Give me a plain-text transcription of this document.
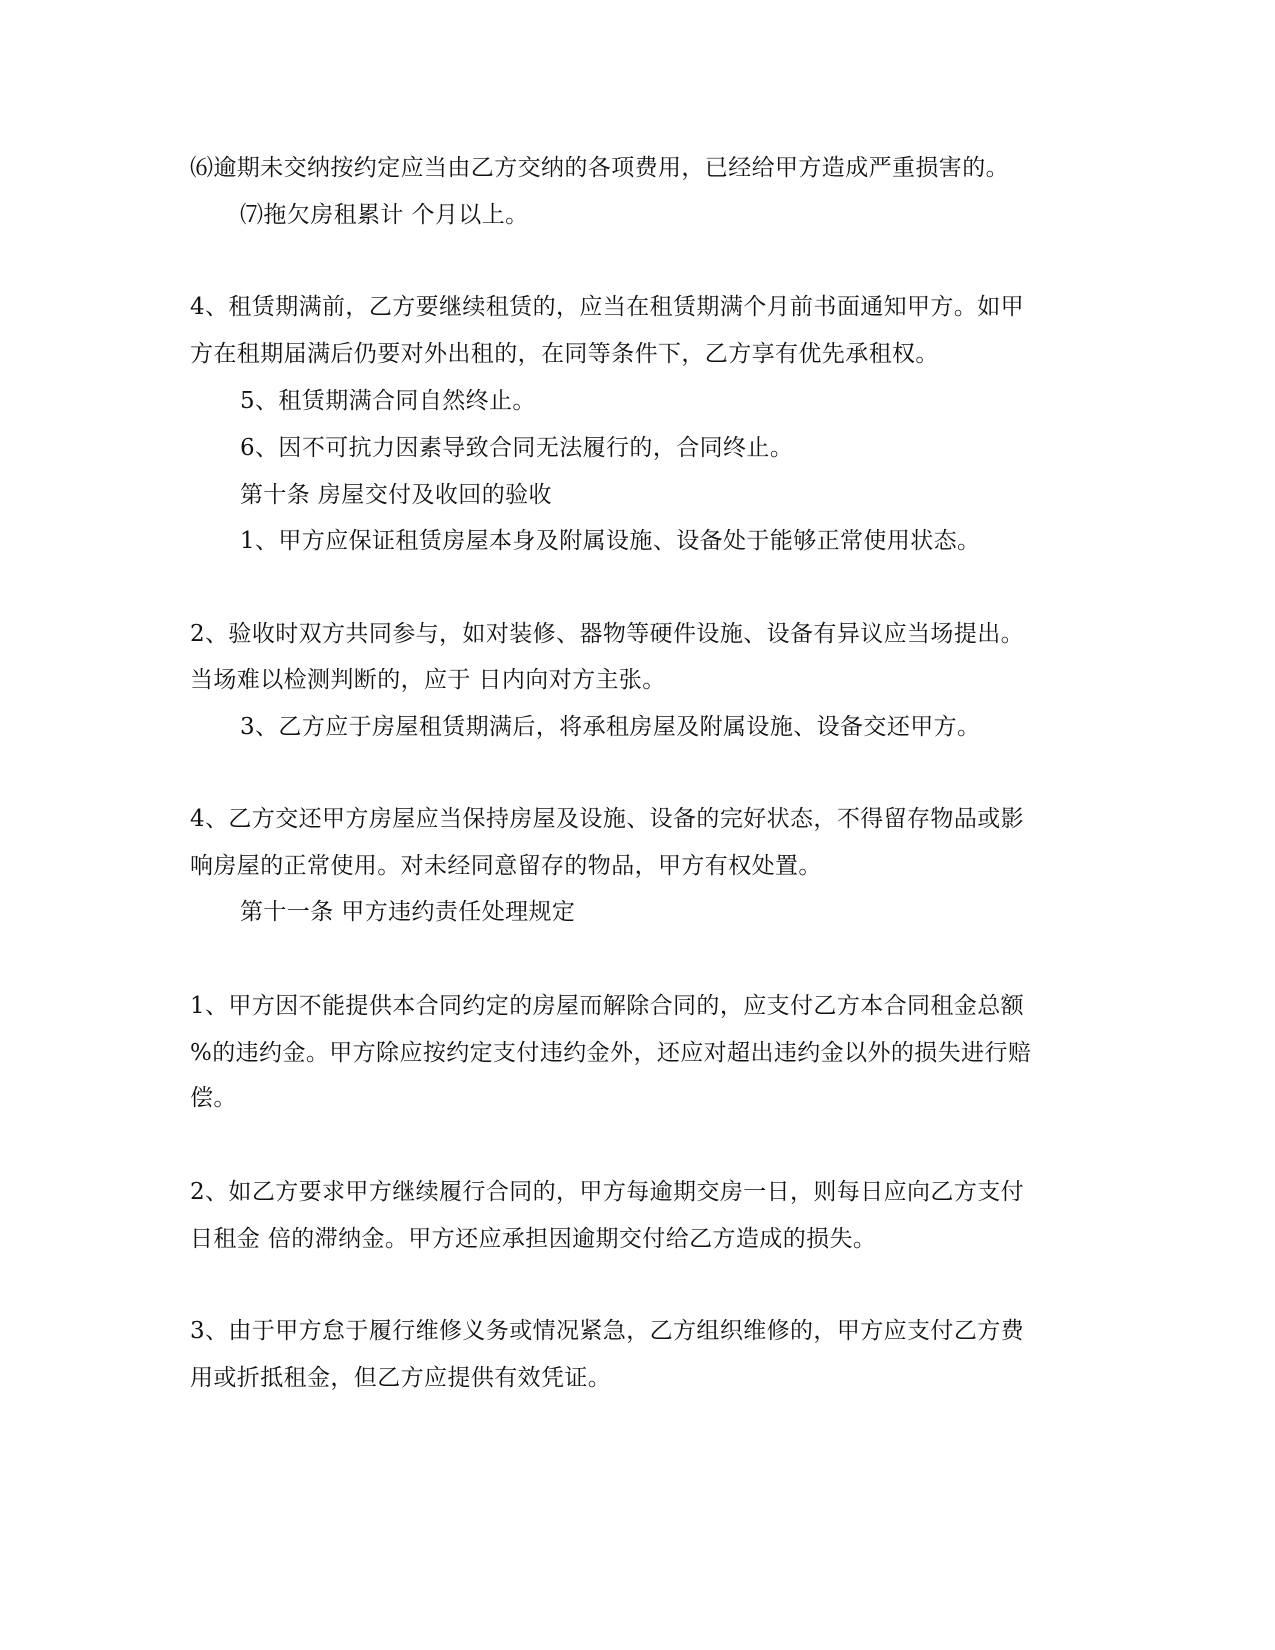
⑹逾期未交纳按约定应当由乙方交纳的各项费用，已经给甲方造成严重损害的。
⑺拖欠房租累计 个月以上。
4、租赁期满前，乙方要继续租赁的，应当在租赁期满个月前书面通知甲方。如甲
方在租期届满后仍要对外出租的，在同等条件下，乙方享有优先承租权。
5、租赁期满合同自然终止。
6、因不可抗力因素导致合同无法履行的，合同终止。
第十条 房屋交付及收回的验收
1、甲方应保证租赁房屋本身及附属设施、设备处于能够正常使用状态。
2、验收时双方共同参与，如对装修、器物等硬件设施、设备有异议应当场提出。
当场难以检测判断的，应于 日内向对方主张。
3、乙方应于房屋租赁期满后，将承租房屋及附属设施、设备交还甲方。
4、乙方交还甲方房屋应当保持房屋及设施、设备的完好状态，不得留存物品或影
响房屋的正常使用。对未经同意留存的物品，甲方有权处置。
第十一条 甲方违约责任处理规定
1、甲方因不能提供本合同约定的房屋而解除合同的，应支付乙方本合同租金总额
%的违约金。甲方除应按约定支付违约金外，还应对超出违约金以外的损失进行赔
偿。
2、如乙方要求甲方继续履行合同的，甲方每逾期交房一日，则每日应向乙方支付
日租金 倍的滞纳金。甲方还应承担因逾期交付给乙方造成的损失。
3、由于甲方怠于履行维修义务或情况紧急，乙方组织维修的，甲方应支付乙方费
用或折抵租金，但乙方应提供有效凭证。
